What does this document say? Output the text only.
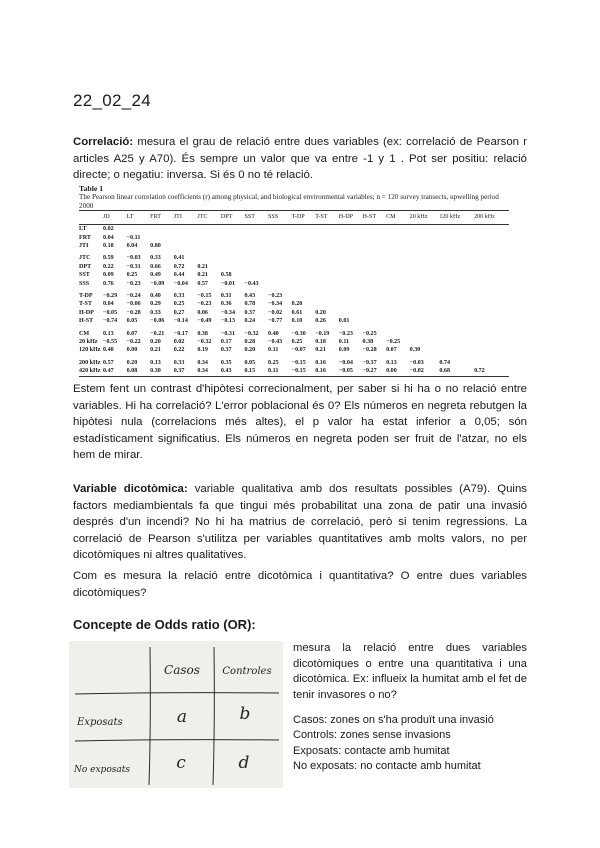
22_02_24

Correlació: mesura el grau de relació entre dues variables (ex: correlació de Pearson r articles A25 y A70). És sempre un valor que va entre -1 y 1 . Pot ser positiu: relació directe; o negatiu: inversa. Si és 0 no té relació.

Table 1
The Pearson linear correlation coefficients (r) among physical, and biological environmental variables; n = 120 survey transects, upwelling period 2000
	JD	LT	FRT	JTI	JTC	DPT	SST	SSS	T-DP	T-ST	H-DP	H-ST	CM	20 kHz	120 kHz	200 kHz
LT	0.02															
FRT	0.04	−0.11														
JTI	0.18	0.04	0.80													

JTC	0.59	−0.03	0.33	0.41												
DPT	0.22	−0.31	0.66	0.72	0.21											
SST	0.09	0.25	0.49	0.44	0.21	0.58										
SSS	0.76	−0.23	−0.09	−0.04	0.57	−0.01	−0.43									

T-DP	−0.29	−0.24	0.40	0.33	−0.15	0.31	0.43	−0.23								
T-ST	0.04	−0.06	0.29	0.25	−0.23	0.36	0.78	−0.34	0.20							
H-DP	−0.05	−0.28	0.33	0.27	0.06	−0.34	0.37	−0.02	0.61	0.20						
H-ST	−0.74	0.05	−0.06	−0.14	−0.49	−0.13	0.24	−0.77	0.10	0.26	0.01					

CM	0.13	0.07	−0.21	−0.17	0.38	−0.31	−0.32	0.40	−0.30	−0.19	−0.23	−0.25				
20 kHz	−0.55	−0.22	0.20	0.02	−0.32	0.17	0.28	−0.43	0.25	0.18	0.11	0.38	−0.25			
120 kHz	0.40	0.00	0.21	0.22	0.19	0.37	0.20	0.11	−0.07	0.21	0.09	−0.28	0.07	0.30		

200 kHz	0.57	0.20	0.13	0.33	0.34	0.35	0.05	0.25	−0.15	0.16	−0.04	−0.37	0.13	−0.03	0.74	
420 kHz	0.47	0.08	0.30	0.37	0.34	0.43	0.15	0.11	−0.15	0.16	−0.05	−0.27	0.00	−0.02	0.68	0.72

Estem fent un contrast d'hipòtesi correcionalment, per saber si hi ha o no relació entre variables. Hi ha correlació? L'error poblacional és 0? Els números en negreta rebutgen la hipòtesi nula (correlacions més altes), el p valor ha estat inferior a 0,05; són estadísticament significatius. Els números en negreta poden ser fruit de l'atzar, no els hem de mirar.

Variable dicotòmica: variable qualitativa amb dos resultats possibles (A79). Quins factors mediambientals fa que tingui més probabilitat una zona de patir una invasió després d'un incendi? No hi ha matrius de correlació, però si tenim regressions. La correlació de Pearson s'utilitza per variables quantitatives amb molts valors, no per dicotòmiques ni altres qualitatives.

Com es mesura la relació entre dicotòmica i quantitativa? O entre dues variables dicotòmiques?

Concepte de Odds ratio (OR):
Casos Controles
Exposats
No exposats
a	b
c	d

mesura la relació entre dues variables dicotòmiques o entre una quantitativa i una dicotòmica. Ex: influeix la humitat amb el fet de tenir invasores o no?

Casos: zones on s'ha produït una invasió
Controls: zones sense invasions
Exposats: contacte amb humitat
No exposats: no contacte amb humitat
